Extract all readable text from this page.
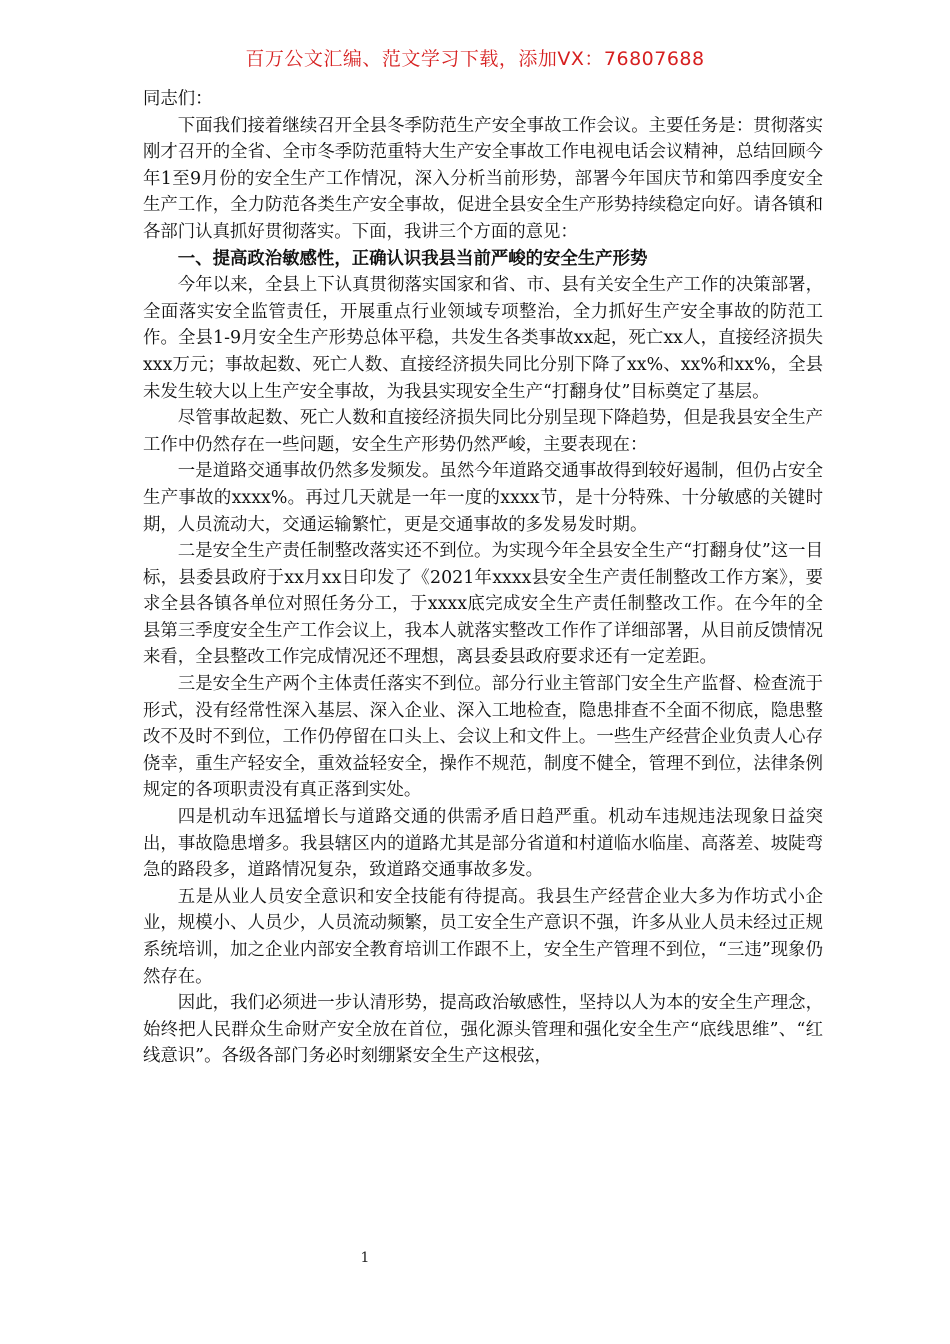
百万公文汇编、范文学习下载，添加VX：76807688

同志们：

下面我们接着继续召开全县冬季防范生产安全事故工作会议。主要任务是：贯彻落实刚才召开的全省、全市冬季防范重特大生产安全事故工作电视电话会议精神，总结回顾今年1至9月份的安全生产工作情况，深入分析当前形势，部署今年国庆节和第四季度安全生产工作，全力防范各类生产安全事故，促进全县安全生产形势持续稳定向好。请各镇和各部门认真抓好贯彻落实。下面，我讲三个方面的意见：

一、提高政治敏感性，正确认识我县当前严峻的安全生产形势

今年以来，全县上下认真贯彻落实国家和省、市、县有关安全生产工作的决策部署，全面落实安全监管责任，开展重点行业领域专项整治，全力抓好生产安全事故的防范工作。全县1-9月安全生产形势总体平稳，共发生各类事故xx起，死亡xx人，直接经济损失xxx万元；事故起数、死亡人数、直接经济损失同比分别下降了xx%、xx%和xx%，全县未发生较大以上生产安全事故，为我县实现安全生产“打翻身仗”目标奠定了基层。

尽管事故起数、死亡人数和直接经济损失同比分别呈现下降趋势，但是我县安全生产工作中仍然存在一些问题，安全生产形势仍然严峻，主要表现在：

一是道路交通事故仍然多发频发。虽然今年道路交通事故得到较好遏制，但仍占安全生产事故的xxxx%。再过几天就是一年一度的xxxx节，是十分特殊、十分敏感的关键时期，人员流动大，交通运输繁忙，更是交通事故的多发易发时期。

二是安全生产责任制整改落实还不到位。为实现今年全县安全生产“打翻身仗”这一目标，县委县政府于xx月xx日印发了《2021年xxxx县安全生产责任制整改工作方案》，要求全县各镇各单位对照任务分工，于xxxx底完成安全生产责任制整改工作。在今年的全县第三季度安全生产工作会议上，我本人就落实整改工作作了详细部署，从目前反馈情况来看，全县整改工作完成情况还不理想，离县委县政府要求还有一定差距。

三是安全生产两个主体责任落实不到位。部分行业主管部门安全生产监督、检查流于形式，没有经常性深入基层、深入企业、深入工地检查，隐患排查不全面不彻底，隐患整改不及时不到位，工作仍停留在口头上、会议上和文件上。一些生产经营企业负责人心存侥幸，重生产轻安全，重效益轻安全，操作不规范，制度不健全，管理不到位，法律条例规定的各项职责没有真正落到实处。

四是机动车迅猛增长与道路交通的供需矛盾日趋严重。机动车违规违法现象日益突出，事故隐患增多。我县辖区内的道路尤其是部分省道和村道临水临崖、高落差、坡陡弯急的路段多，道路情况复杂，致道路交通事故多发。

五是从业人员安全意识和安全技能有待提高。我县生产经营企业大多为作坊式小企业，规模小、人员少，人员流动频繁，员工安全生产意识不强，许多从业人员未经过正规系统培训，加之企业内部安全教育培训工作跟不上，安全生产管理不到位，“三违”现象仍然存在。

因此，我们必须进一步认清形势，提高政治敏感性，坚持以人为本的安全生产理念，始终把人民群众生命财产安全放在首位，强化源头管理和强化安全生产“底线思维”、“红线意识”。各级各部门务必时刻绷紧安全生产这根弦，

1
